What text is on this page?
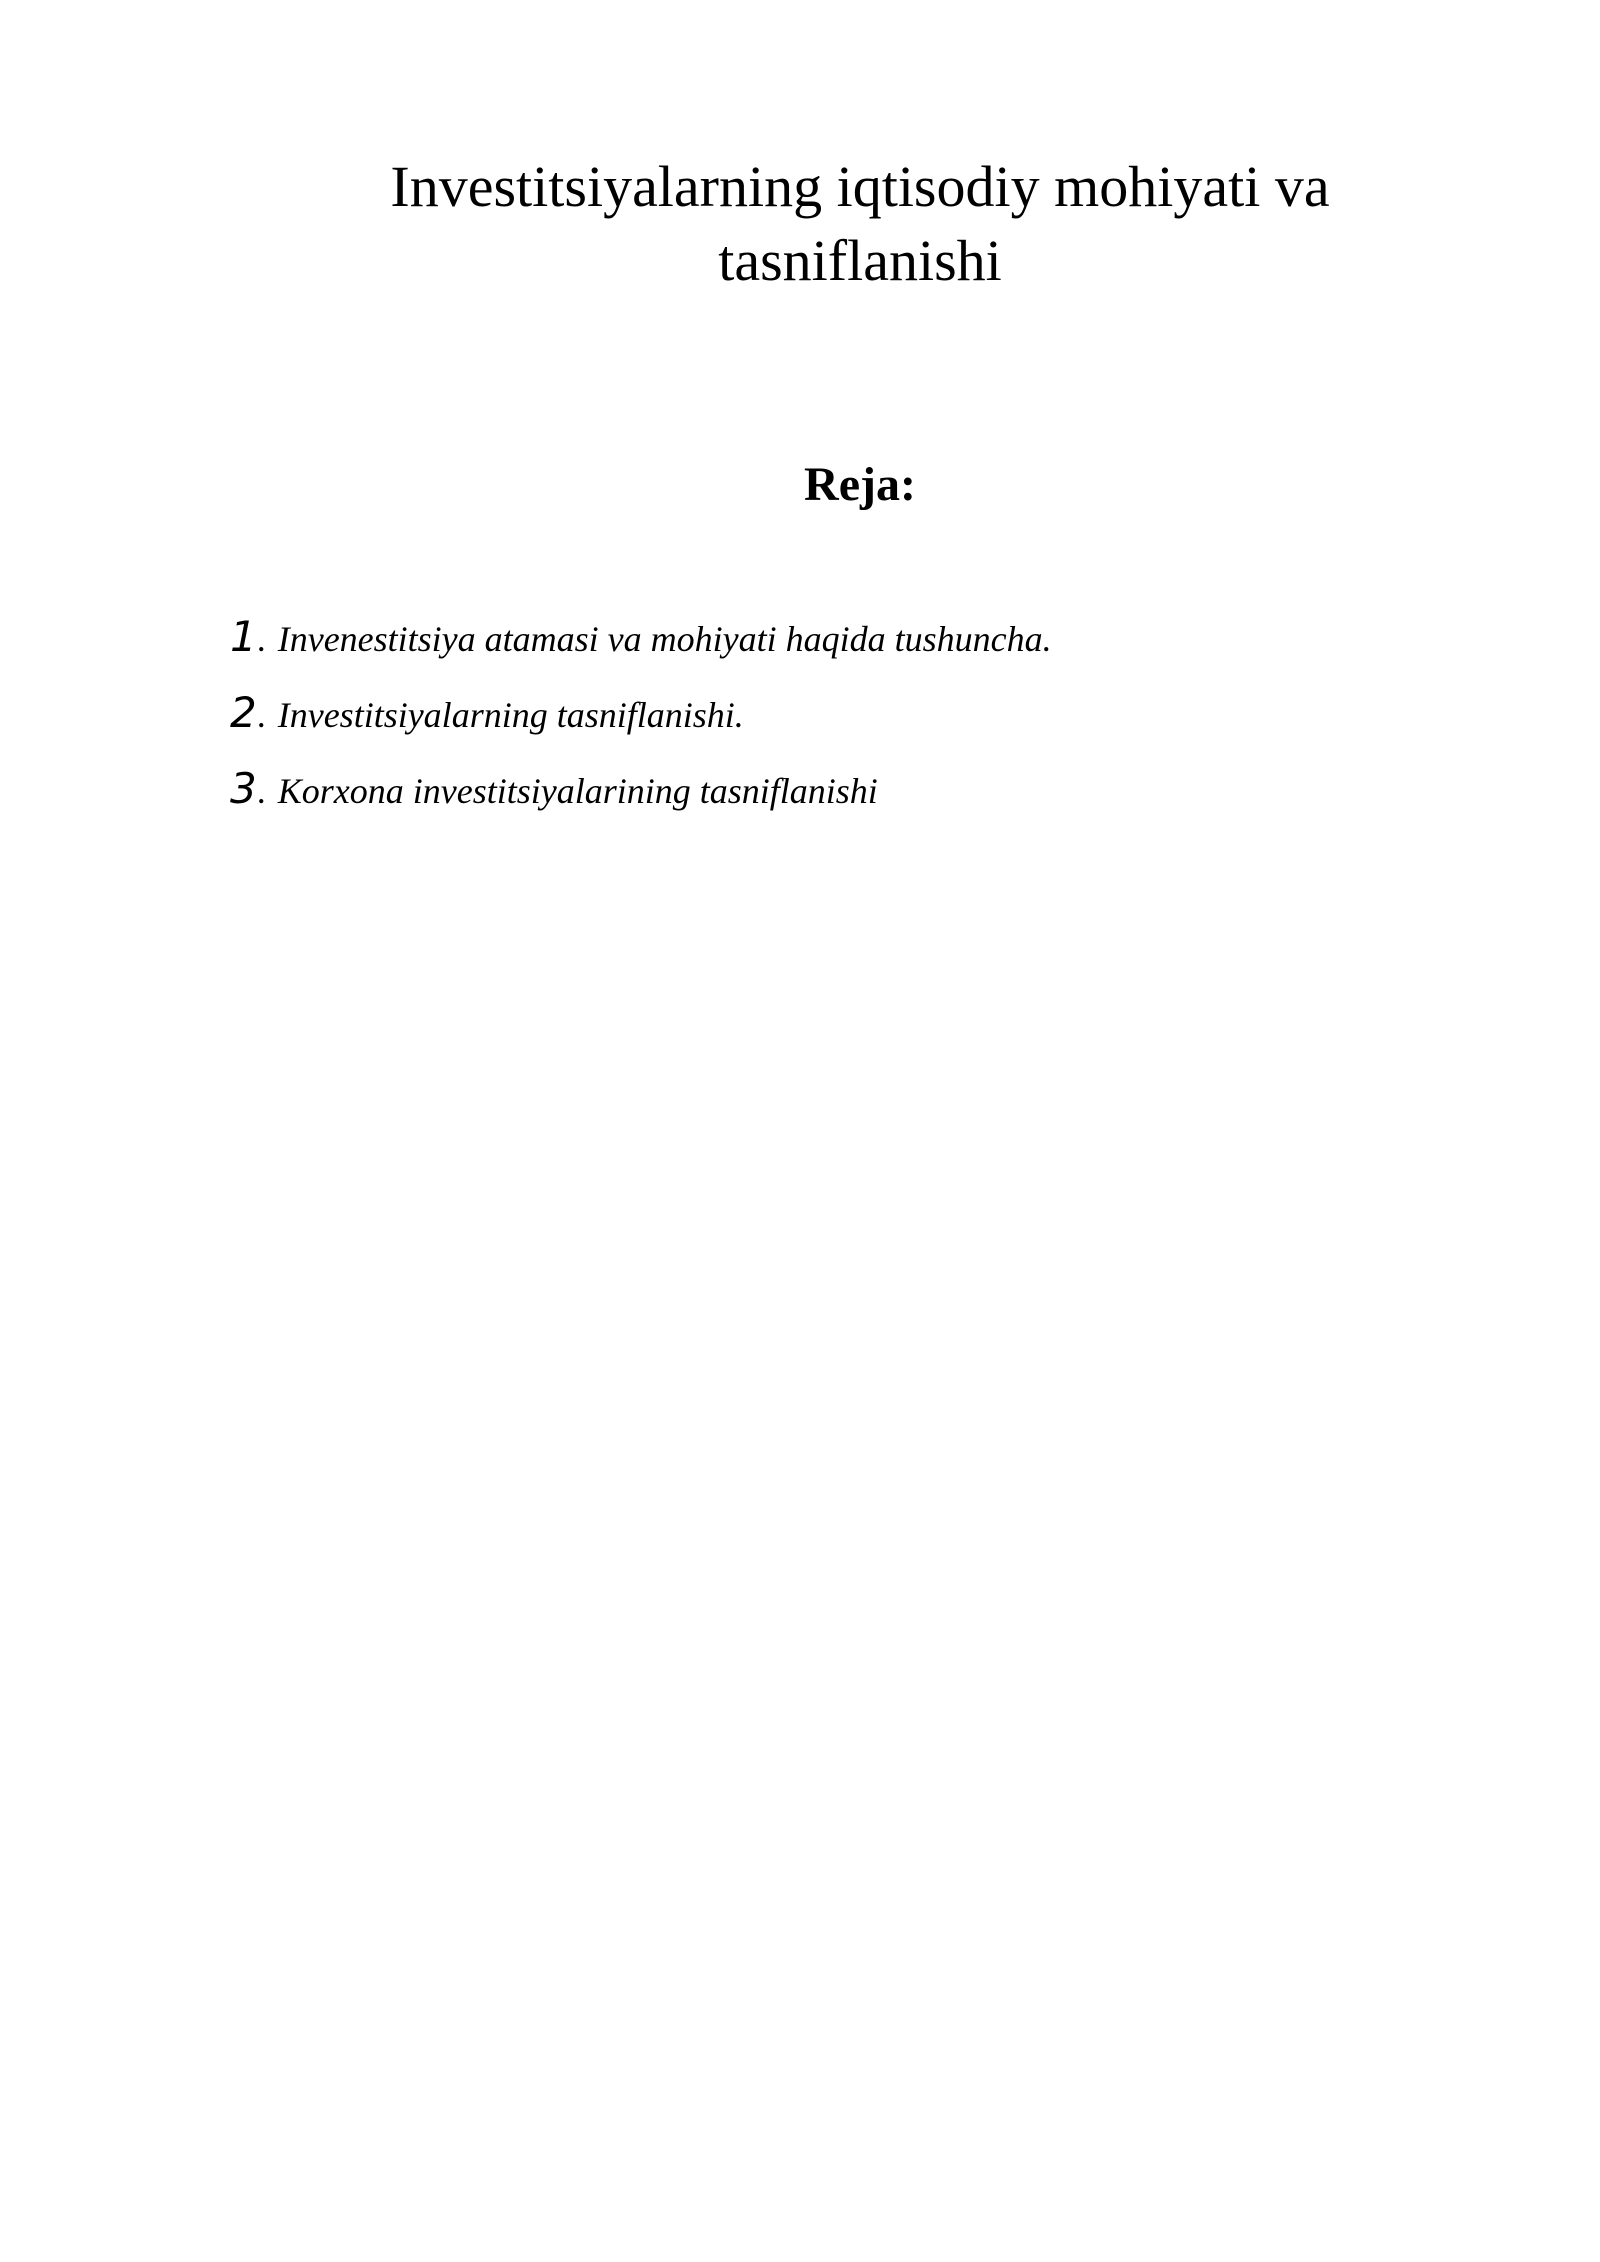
Investitsiyalarning iqtisodiy mohiyati va
tasniflanishi
Reja:
1 . Invenestitsiya atamasi va mohiyati haqida tushuncha.
2 . Investitsiyalarning tasniflanishi.
3 . Korxona investitsiyalarining tasniflanishi
